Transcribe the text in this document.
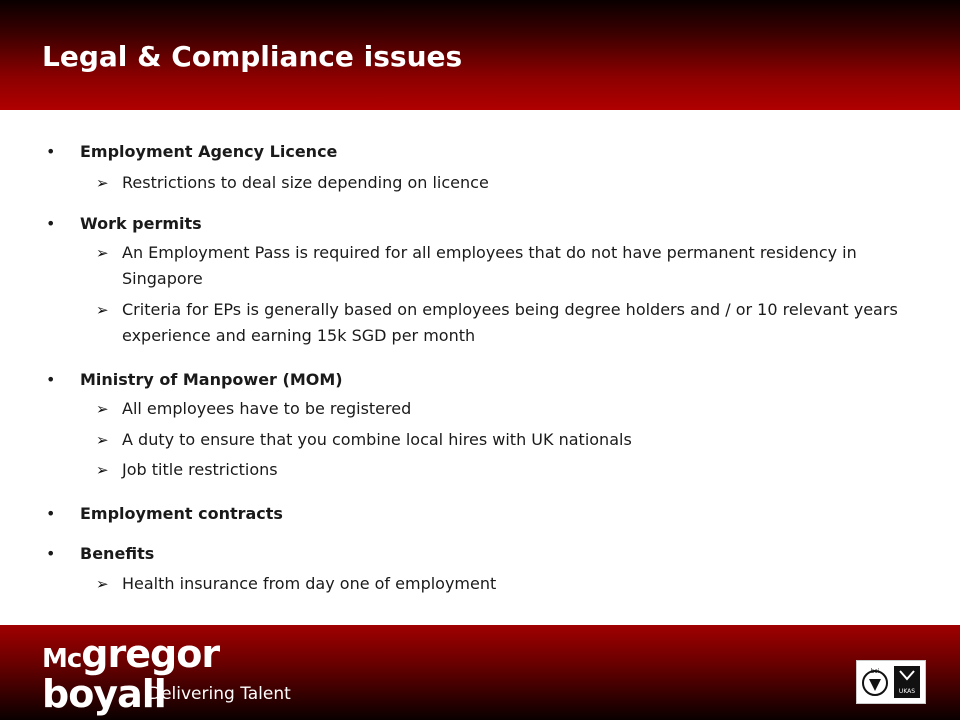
Legal & Compliance issues
• Employment Agency Licence
➢ Restrictions to deal size depending on licence
• Work permits
➢ An Employment Pass is required for all employees that do not have permanent residency in Singapore
➢ Criteria for EPs is generally based on employees being degree holders and / or 10 relevant years experience and earning 15k SGD per month
• Ministry of Manpower (MOM)
➢ All employees have to be registered
➢ A duty to ensure that you combine local hires with UK nationals
➢ Job title restrictions
• Employment contracts
• Benefits
➢ Health insurance from day one of employment
Mcgregor
boyall
Delivering Talent
bsi
UKAS
